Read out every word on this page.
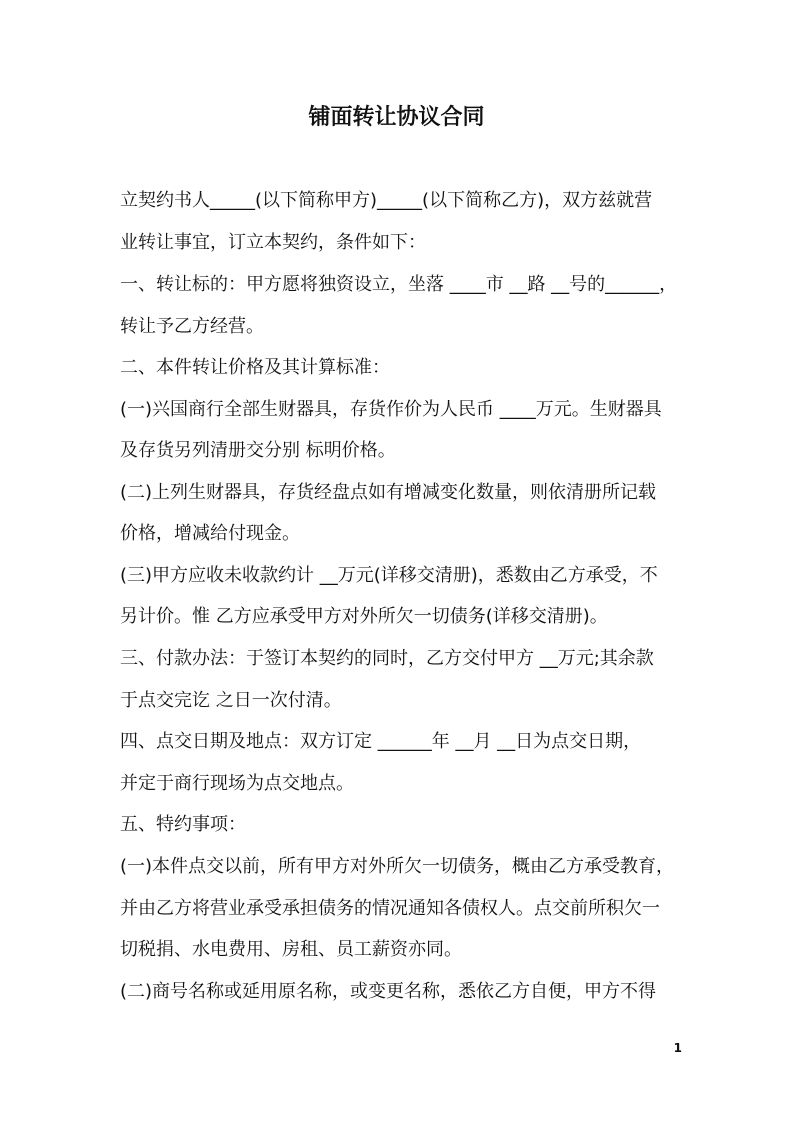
铺面转让协议合同
立契约书人_____(以下简称甲方)_____(以下简称乙方)，双方兹就营
业转让事宜，订立本契约，条件如下：
一、转让标的：甲方愿将独资设立，坐落 ____市 __路 __号的______，
转让予乙方经营。
二、本件转让价格及其计算标准：
(一)兴国商行全部生财器具，存货作价为人民币 ____万元。生财器具
及存货另列清册交分别 标明价格。
(二)上列生财器具，存货经盘点如有增减变化数量，则依清册所记载
价格，增减给付现金。
(三)甲方应收未收款约计 __万元(详移交清册)，悉数由乙方承受，不
另计价。惟 乙方应承受甲方对外所欠一切债务(详移交清册)。
三、付款办法：于签订本契约的同时，乙方交付甲方 __万元;其余款
于点交完讫 之日一次付清。
四、点交日期及地点：双方订定 ______年 __月 __日为点交日期，
并定于商行现场为点交地点。
五、特约事项：
(一)本件点交以前，所有甲方对外所欠一切债务，概由乙方承受教育，
并由乙方将营业承受承担债务的情况通知各债权人。点交前所积欠一
切税捐、水电费用、房租、员工薪资亦同。
(二)商号名称或延用原名称，或变更名称，悉依乙方自便，甲方不得
1
